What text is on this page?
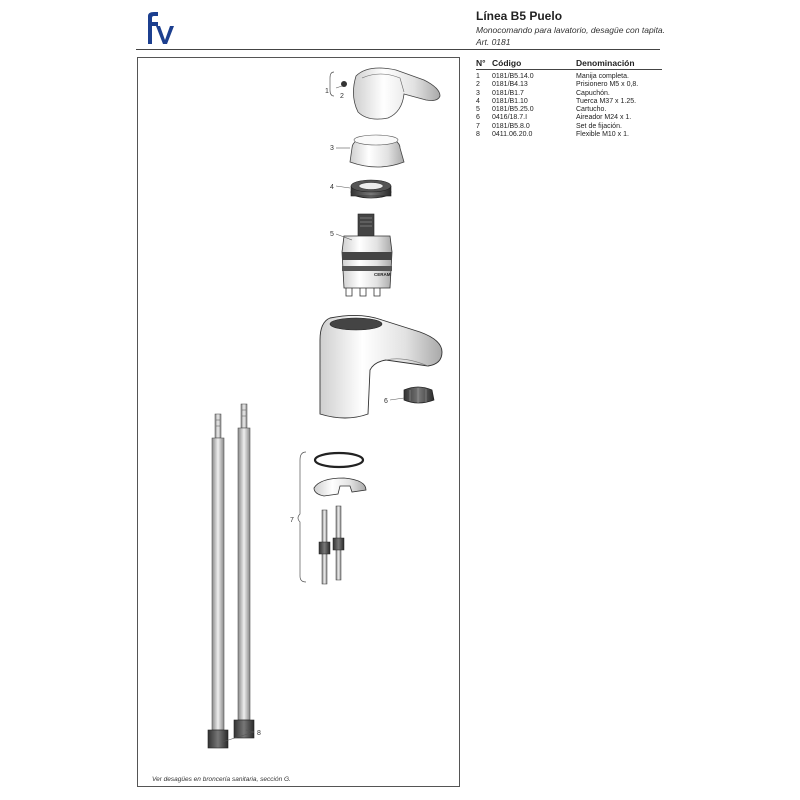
fv	Línea B5 Puelo
Monocomando para lavatorio, desagüe con tapita.
Art. 0181
N°	Código	Denominación
1	0181/B5.14.0	Manija completa.
2	0181/B4.13	Prisionero M5 x 0,8.
3	0181/B1.7	Capuchón.
4	0181/B1.10	Tuerca M37 x 1.25.
5	0181/B5.25.0	Cartucho.
6	0416/18.7.I	Aireador M24 x 1.
7	0181/B5.8.0	Set de fijación.
8	0411.06.20.0	Flexible M10 x 1.
1
2
3
4
CERAM
5
6
7
8
Ver desagües en broncería sanitaria, sección G.
